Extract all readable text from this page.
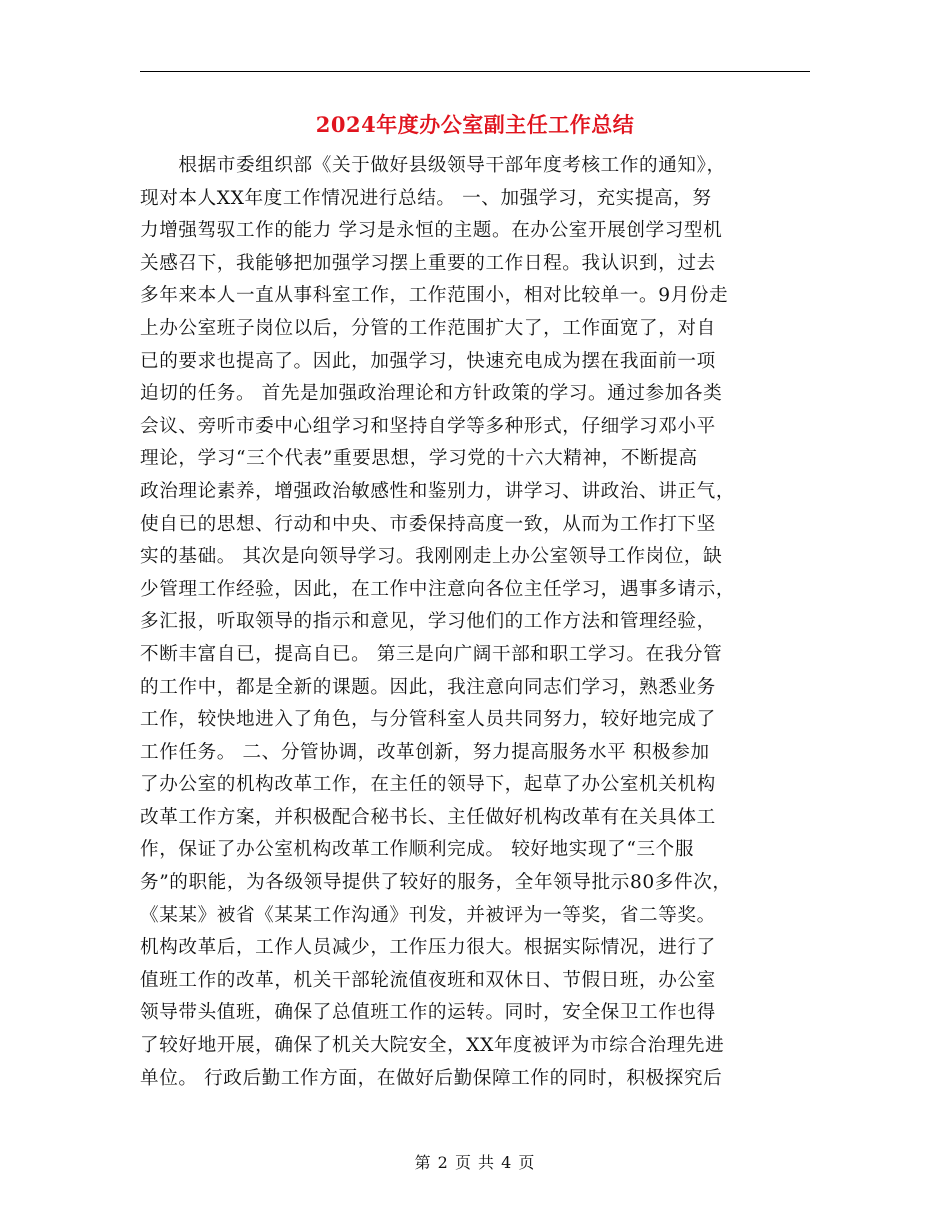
2024年度办公室副主任工作总结
　　根据市委组织部《关于做好县级领导干部年度考核工作的通知》，
现对本人XX年度工作情况进行总结。 一、加强学习，充实提高，努
力增强驾驭工作的能力 学习是永恒的主题。在办公室开展创学习型机
关感召下，我能够把加强学习摆上重要的工作日程。我认识到，过去
多年来本人一直从事科室工作，工作范围小，相对比较单一。9月份走
上办公室班子岗位以后，分管的工作范围扩大了，工作面宽了，对自
已的要求也提高了。因此，加强学习，快速充电成为摆在我面前一项
迫切的任务。 首先是加强政治理论和方针政策的学习。通过参加各类
会议、旁听市委中心组学习和坚持自学等多种形式，仔细学习邓小平
理论，学习“三个代表”重要思想，学习党的十六大精神，不断提高
政治理论素养，增强政治敏感性和鉴别力，讲学习、讲政治、讲正气，
使自已的思想、行动和中央、市委保持高度一致，从而为工作打下坚
实的基础。 其次是向领导学习。我刚刚走上办公室领导工作岗位，缺
少管理工作经验，因此，在工作中注意向各位主任学习，遇事多请示，
多汇报，听取领导的指示和意见，学习他们的工作方法和管理经验，
不断丰富自已，提高自已。 第三是向广阔干部和职工学习。在我分管
的工作中，都是全新的课题。因此，我注意向同志们学习，熟悉业务
工作，较快地进入了角色，与分管科室人员共同努力，较好地完成了
工作任务。 二、分管协调，改革创新，努力提高服务水平 积极参加
了办公室的机构改革工作，在主任的领导下，起草了办公室机关机构
改革工作方案，并积极配合秘书长、主任做好机构改革有在关具体工
作，保证了办公室机构改革工作顺利完成。 较好地实现了“三个服
务”的职能，为各级领导提供了较好的服务，全年领导批示80多件次，
《某某》被省《某某工作沟通》刊发，并被评为一等奖，省二等奖。
机构改革后，工作人员减少，工作压力很大。根据实际情况，进行了
值班工作的改革，机关干部轮流值夜班和双休日、节假日班，办公室
领导带头值班，确保了总值班工作的运转。同时，安全保卫工作也得
了较好地开展，确保了机关大院安全，XX年度被评为市综合治理先进
单位。 行政后勤工作方面，在做好后勤保障工作的同时，积极探究后
第 2 页 共 4 页
